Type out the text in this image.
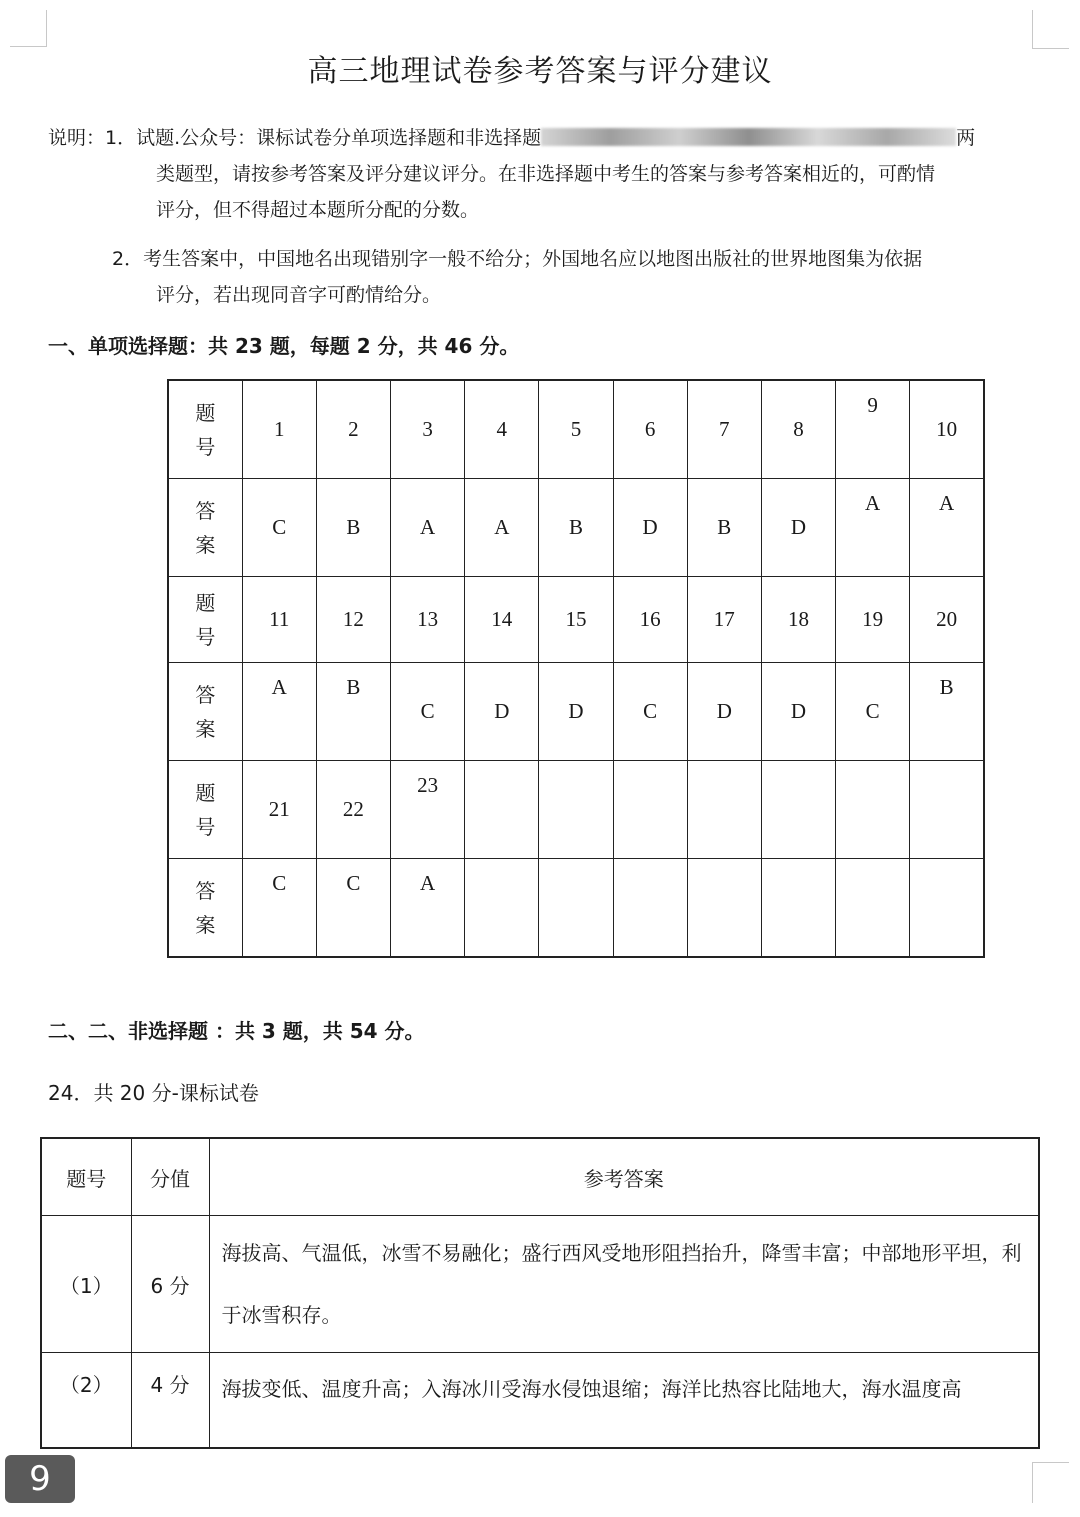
高三地理试卷参考答案与评分建议
说明：1．试题.公众号：课标试卷分单项选择题和非选择题	两
类题型，请按参考答案及评分建议评分。在非选择题中考生的答案与参考答案相近的，可酌情
评分，但不得超过本题所分配的分数。
2．考生答案中，中国地名出现错别字一般不给分；外国地名应以地图出版社的世界地图集为依据
评分，若出现同音字可酌情给分。
一、单项选择题：共 23 题，每题 2 分，共 46 分。
题
号	1	2	3	4	5	6	7	8	9	10

答
案	C	B	A	A	B	D	B	D	A	A

题
号	11	12	13	14	15	16	17	18	19	20

答
案	A	B	C	D	D	C	D	D	C	B

题
号	21	22	23							

答
案	C	C	A							
二、二、非选择题 ：共 3 题，共 54 分。
24．共 20 分-课标试卷
题号	分值	参考答案
（1）	6 分	海拔高、气温低，冰雪不易融化；盛行西风受地形阻挡抬升，降雪丰富；中部地形平坦，利于冰雪积存。
（2）	4 分	海拔变低、温度升高；入海冰川受海水侵蚀退缩；海洋比热容比陆地大，海水温度高
9
